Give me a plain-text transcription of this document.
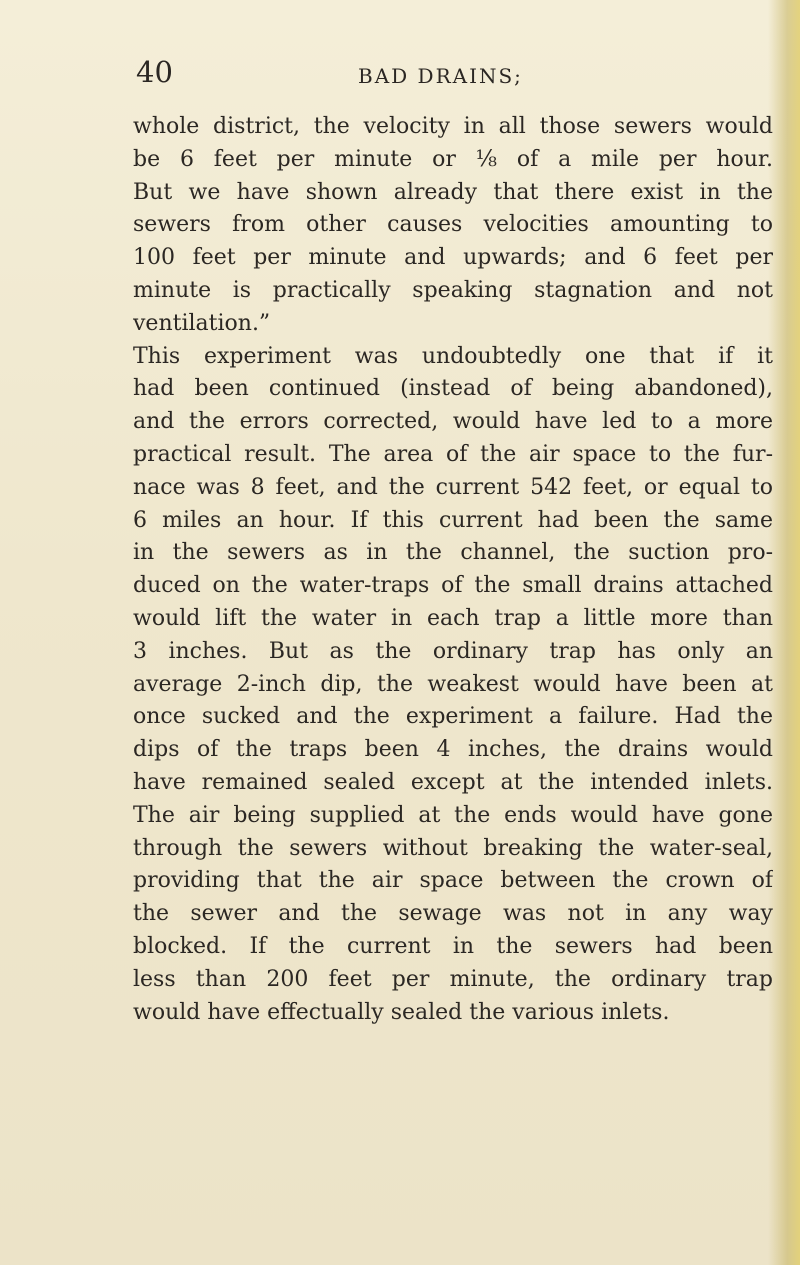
40	BAD DRAINS;
whole district, the velocity in all those sewers would
be 6 feet per minute or ⅛ of a mile per hour.
But we have shown already that there exist in the
sewers from other causes velocities amounting to
100 feet per minute and upwards; and 6 feet per
minute is practically speaking stagnation and not
ventilation.”
This experiment was undoubtedly one that if it
had been continued (instead of being abandoned),
and the errors corrected, would have led to a more
practical result. The area of the air space to the fur-
nace was 8 feet, and the current 542 feet, or equal to
6 miles an hour. If this current had been the same
in the sewers as in the channel, the suction pro-
duced on the water-traps of the small drains attached
would lift the water in each trap a little more than
3 inches. But as the ordinary trap has only an
average 2-inch dip, the weakest would have been at
once sucked and the experiment a failure. Had the
dips of the traps been 4 inches, the drains would
have remained sealed except at the intended inlets.
The air being supplied at the ends would have gone
through the sewers without breaking the water-seal,
providing that the air space between the crown of
the sewer and the sewage was not in any way
blocked. If the current in the sewers had been
less than 200 feet per minute, the ordinary trap
would have effectually sealed the various inlets.
